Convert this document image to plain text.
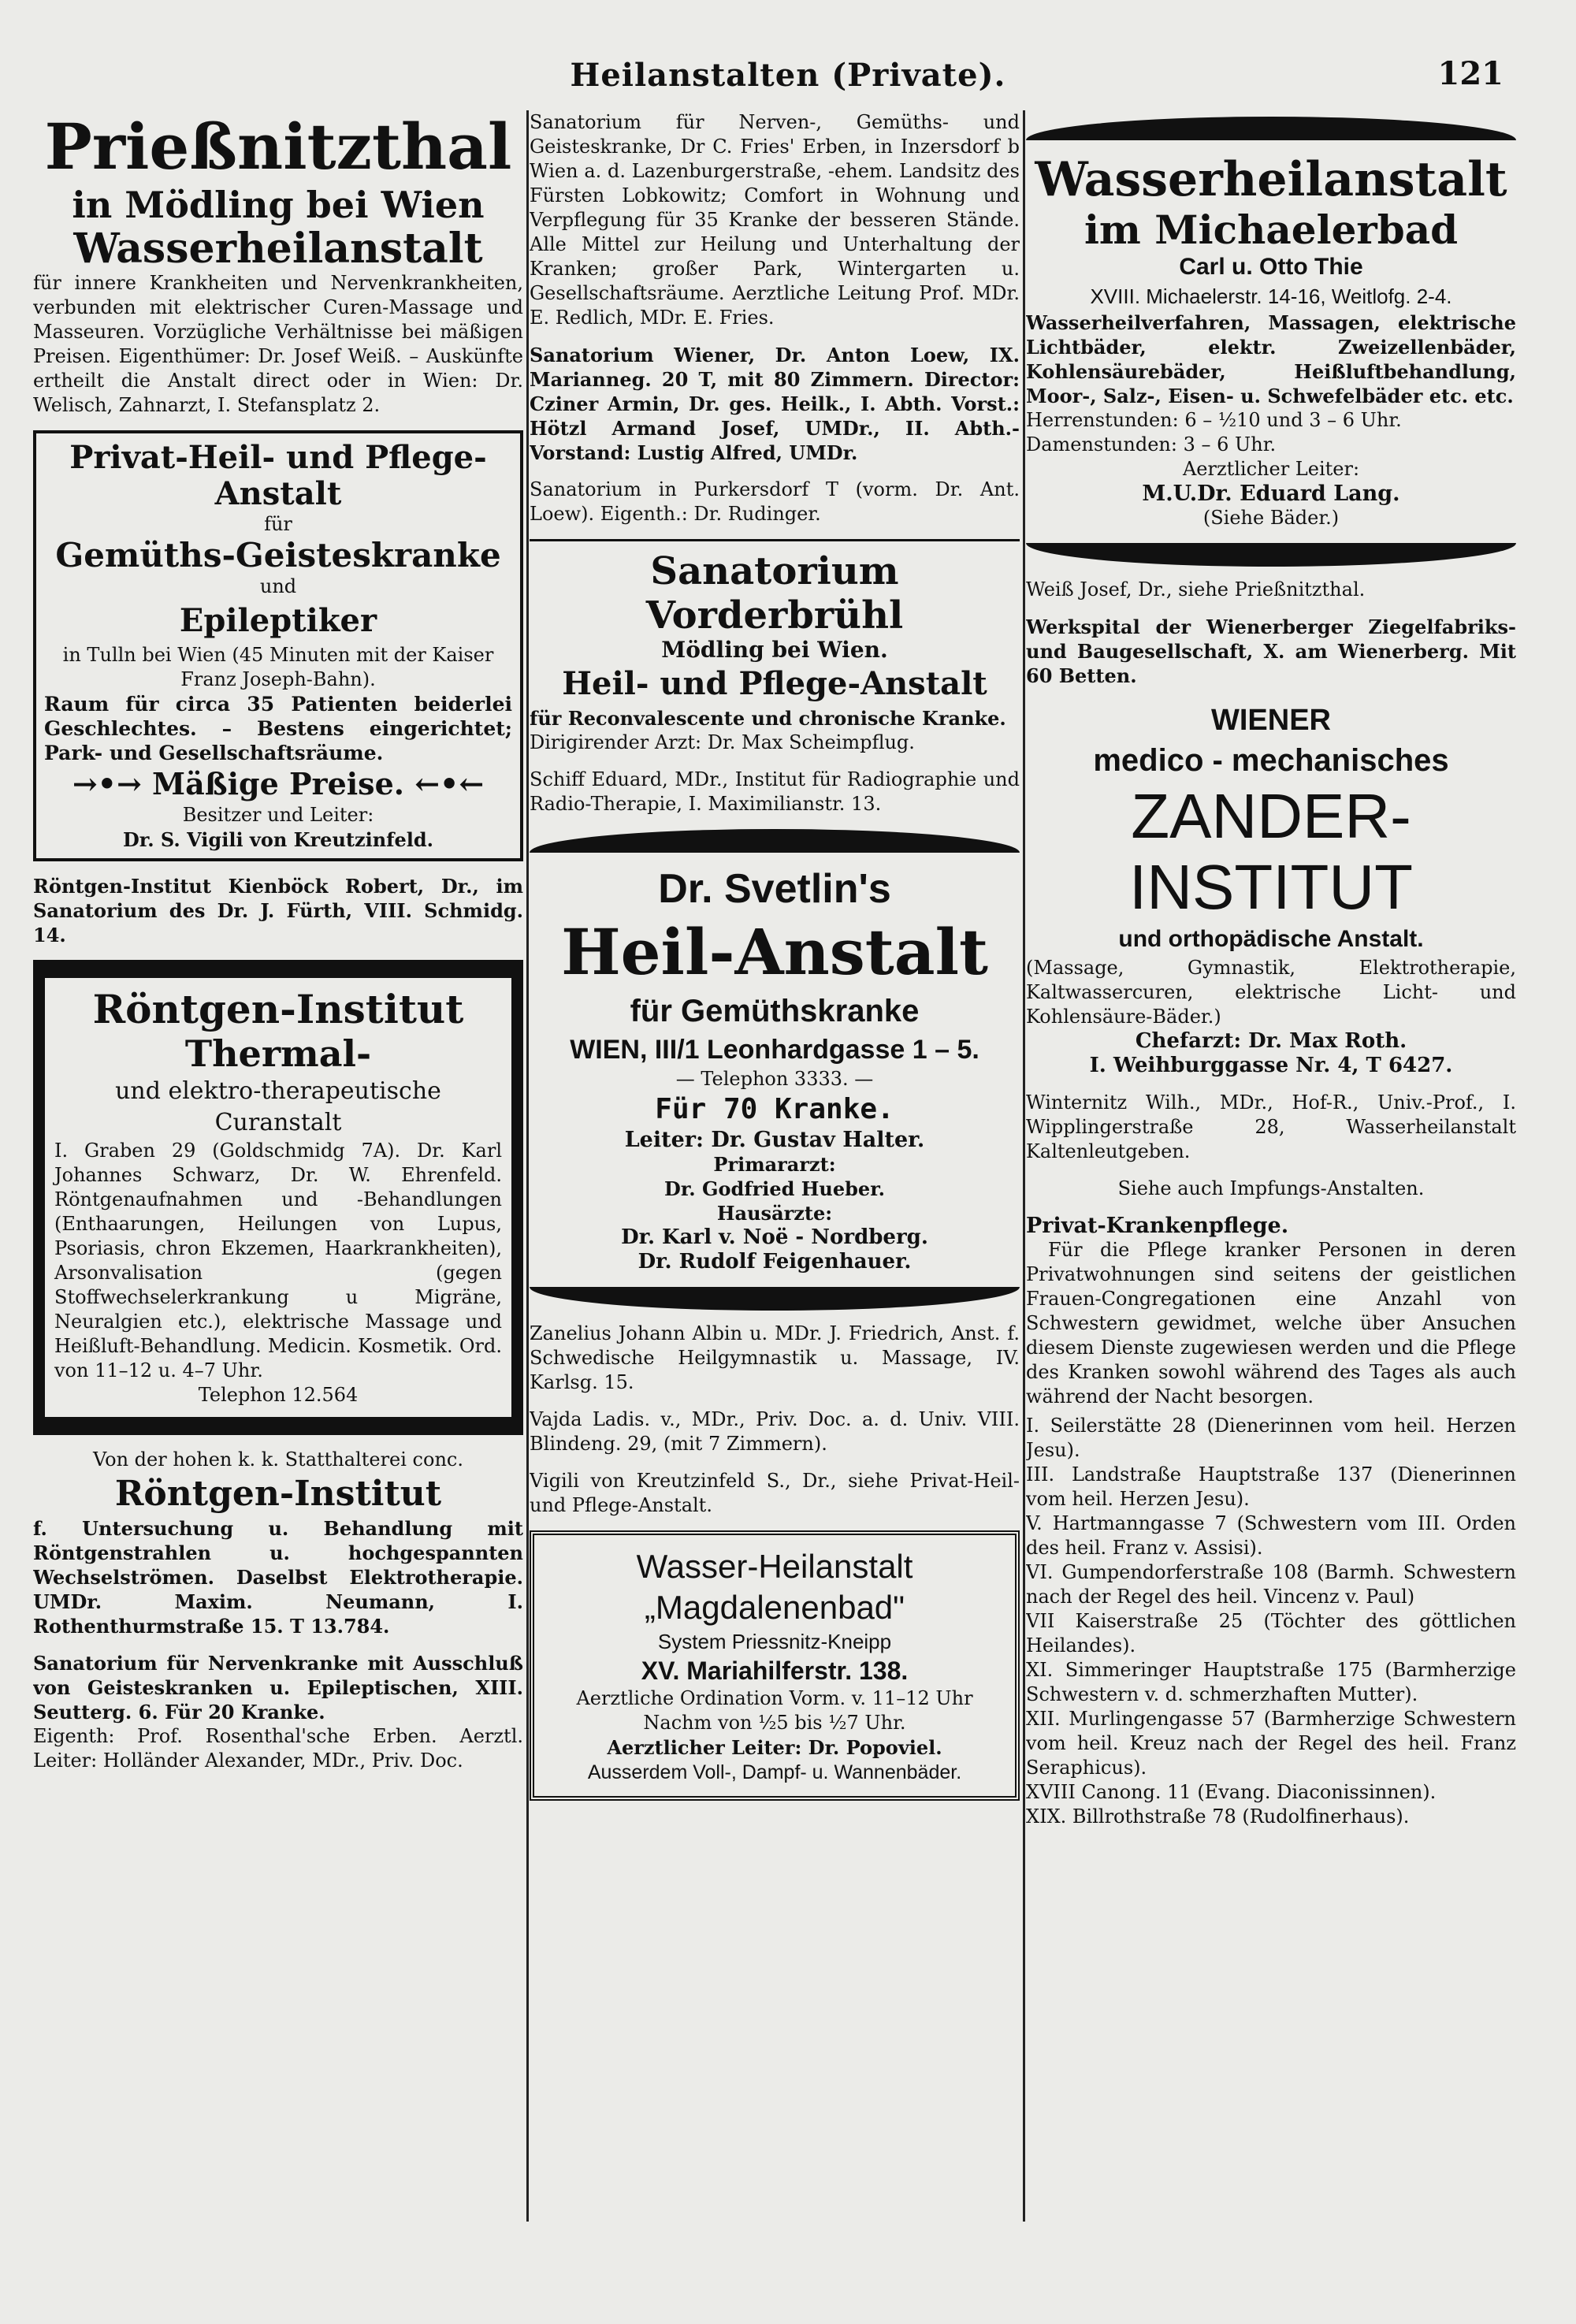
Heilanstalten (Private).	121
Prießnitzthal
in Mödling bei Wien
Wasserheilanstalt
für innere Krankheiten und Nervenkrankheiten, verbunden mit elektrischer Curen-Massage und Masseuren. Vorzügliche Verhältnisse bei mäßigen Preisen. Eigenthümer: Dr. Josef Weiß. – Auskünfte ertheilt die Anstalt direct oder in Wien: Dr. Welisch, Zahnarzt, I. Stefansplatz 2.
Privat-Heil- und Pflege-Anstalt
für
Gemüths-Geisteskranke
und
Epileptiker
in Tulln bei Wien (45 Minuten mit der Kaiser Franz Joseph-Bahn).
Raum für circa 35 Patienten beiderlei Geschlechtes. – Bestens eingerichtet; Park- und Gesellschaftsräume.
→•→ Mäßige Preise. ←•←
Besitzer und Leiter:
Dr. S. Vigili von Kreutzinfeld.
Röntgen-Institut Kienböck Robert, Dr., im Sanatorium des Dr. J. Fürth, VIII. Schmidg. 14.
Röntgen-Institut
Thermal-
und elektro-therapeutische Curanstalt
I. Graben 29 (Goldschmidg 7A). Dr. Karl Johannes Schwarz, Dr. W. Ehrenfeld. Röntgenaufnahmen und -Behandlungen (Enthaarungen, Heilungen von Lupus, Psoriasis, chron Ekzemen, Haarkrankheiten), Arsonvalisation (gegen Stoffwechselerkrankung u Migräne, Neuralgien etc.), elektrische Massage und Heißluft-Behandlung. Medicin. Kosmetik. Ord. von 11–12 u. 4–7 Uhr.
Telephon 12.564
Von der hohen k. k. Statthalterei conc.
Röntgen-Institut
f. Untersuchung u. Behandlung mit Röntgenstrahlen u. hochgespannten Wechselströmen. Daselbst Elektrotherapie. UMDr. Maxim. Neumann, I. Rothenthurmstraße 15. T 13.784.
Sanatorium für Nervenkranke mit Ausschluß von Geisteskranken u. Epileptischen, XIII. Seutterg. 6. Für 20 Kranke.
Eigenth: Prof. Rosenthal'sche Erben. Aerztl. Leiter: Holländer Alexander, MDr., Priv. Doc.
Sanatorium für Nerven-, Gemüths- und Geisteskranke, Dr C. Fries' Erben, in Inzersdorf b Wien a. d. Lazenburgerstraße, -ehem. Landsitz des Fürsten Lobkowitz; Comfort in Wohnung und Verpflegung für 35 Kranke der besseren Stände. Alle Mittel zur Heilung und Unterhaltung der Kranken; großer Park, Wintergarten u. Gesellschaftsräume. Aerztliche Leitung Prof. MDr. E. Redlich, MDr. E. Fries.
Sanatorium Wiener, Dr. Anton Loew, IX. Marianneg. 20 T, mit 80 Zimmern. Director: Cziner Armin, Dr. ges. Heilk., I. Abth. Vorst.: Hötzl Armand Josef, UMDr., II. Abth.-Vorstand: Lustig Alfred, UMDr.
Sanatorium in Purkersdorf T (vorm. Dr. Ant. Loew). Eigenth.: Dr. Rudinger.
Sanatorium Vorderbrühl
Mödling bei Wien.
Heil- und Pflege-Anstalt
für Reconvalescente und chronische Kranke.
Dirigirender Arzt: Dr. Max Scheimpflug.
Schiff Eduard, MDr., Institut für Radiographie und Radio-Therapie, I. Maximilianstr. 13.
Dr. Svetlin's
Heil-Anstalt
für Gemüthskranke
WIEN, III/1 Leonhardgasse 1 – 5.
— Telephon 3333. —
Für 70 Kranke.
Leiter: Dr. Gustav Halter.
Primararzt:
Dr. Godfried Hueber.
Hausärzte:
Dr. Karl v. Noë - Nordberg.
Dr. Rudolf Feigenhauer.
Zanelius Johann Albin u. MDr. J. Friedrich, Anst. f. Schwedische Heilgymnastik u. Massage, IV. Karlsg. 15.
Vajda Ladis. v., MDr., Priv. Doc. a. d. Univ. VIII. Blindeng. 29, (mit 7 Zimmern).
Vigili von Kreutzinfeld S., Dr., siehe Privat-Heil- und Pflege-Anstalt.
Wasser-Heilanstalt
„Magdalenenbad"
System Priessnitz-Kneipp
XV. Mariahilferstr. 138.
Aerztliche Ordination Vorm. v. 11–12 Uhr Nachm von ½5 bis ½7 Uhr.
Aerztlicher Leiter: Dr. Popoviel.
Ausserdem Voll-, Dampf- u. Wannenbäder.
Wasserheilanstalt
im Michaelerbad
Carl u. Otto Thie
XVIII. Michaelerstr. 14-16, Weitlofg. 2-4.
Wasserheilverfahren, Massagen, elektrische Lichtbäder, elektr. Zweizellenbäder, Kohlensäurebäder, Heißluftbehandlung, Moor-, Salz-, Eisen- u. Schwefelbäder etc. etc.
Herrenstunden: 6 – ½10 und 3 – 6 Uhr.
Damenstunden: 3 – 6 Uhr.
Aerztlicher Leiter:
M.U.Dr. Eduard Lang.
(Siehe Bäder.)
Weiß Josef, Dr., siehe Prießnitzthal.
Werkspital der Wienerberger Ziegelfabriks- und Baugesellschaft, X. am Wienerberg. Mit 60 Betten.
WIENER
medico - mechanisches
ZANDER-
INSTITUT
und orthopädische Anstalt.
(Massage, Gymnastik, Elektrotherapie, Kaltwassercuren, elektrische Licht- und Kohlensäure-Bäder.)
Chefarzt: Dr. Max Roth.
I. Weihburggasse Nr. 4, T 6427.
Winternitz Wilh., MDr., Hof-R., Univ.-Prof., I. Wipplingerstraße 28, Wasserheilanstalt Kaltenleutgeben.
Siehe auch Impfungs-Anstalten.
Privat-Krankenpflege.
Für die Pflege kranker Personen in deren Privatwohnungen sind seitens der geistlichen Frauen-Congregationen eine Anzahl von Schwestern gewidmet, welche über Ansuchen diesem Dienste zugewiesen werden und die Pflege des Kranken sowohl während des Tages als auch während der Nacht besorgen.
I. Seilerstätte 28 (Dienerinnen vom heil. Herzen Jesu).
III. Landstraße Hauptstraße 137 (Dienerinnen vom heil. Herzen Jesu).
V. Hartmanngasse 7 (Schwestern vom III. Orden des heil. Franz v. Assisi).
VI. Gumpendorferstraße 108 (Barmh. Schwestern nach der Regel des heil. Vincenz v. Paul)
VII Kaiserstraße 25 (Töchter des göttlichen Heilandes).
XI. Simmeringer Hauptstraße 175 (Barmherzige Schwestern v. d. schmerzhaften Mutter).
XII. Murlingengasse 57 (Barmherzige Schwestern vom heil. Kreuz nach der Regel des heil. Franz Seraphicus).
XVIII Canong. 11 (Evang. Diaconissinnen).
XIX. Billrothstraße 78 (Rudolfinerhaus).
